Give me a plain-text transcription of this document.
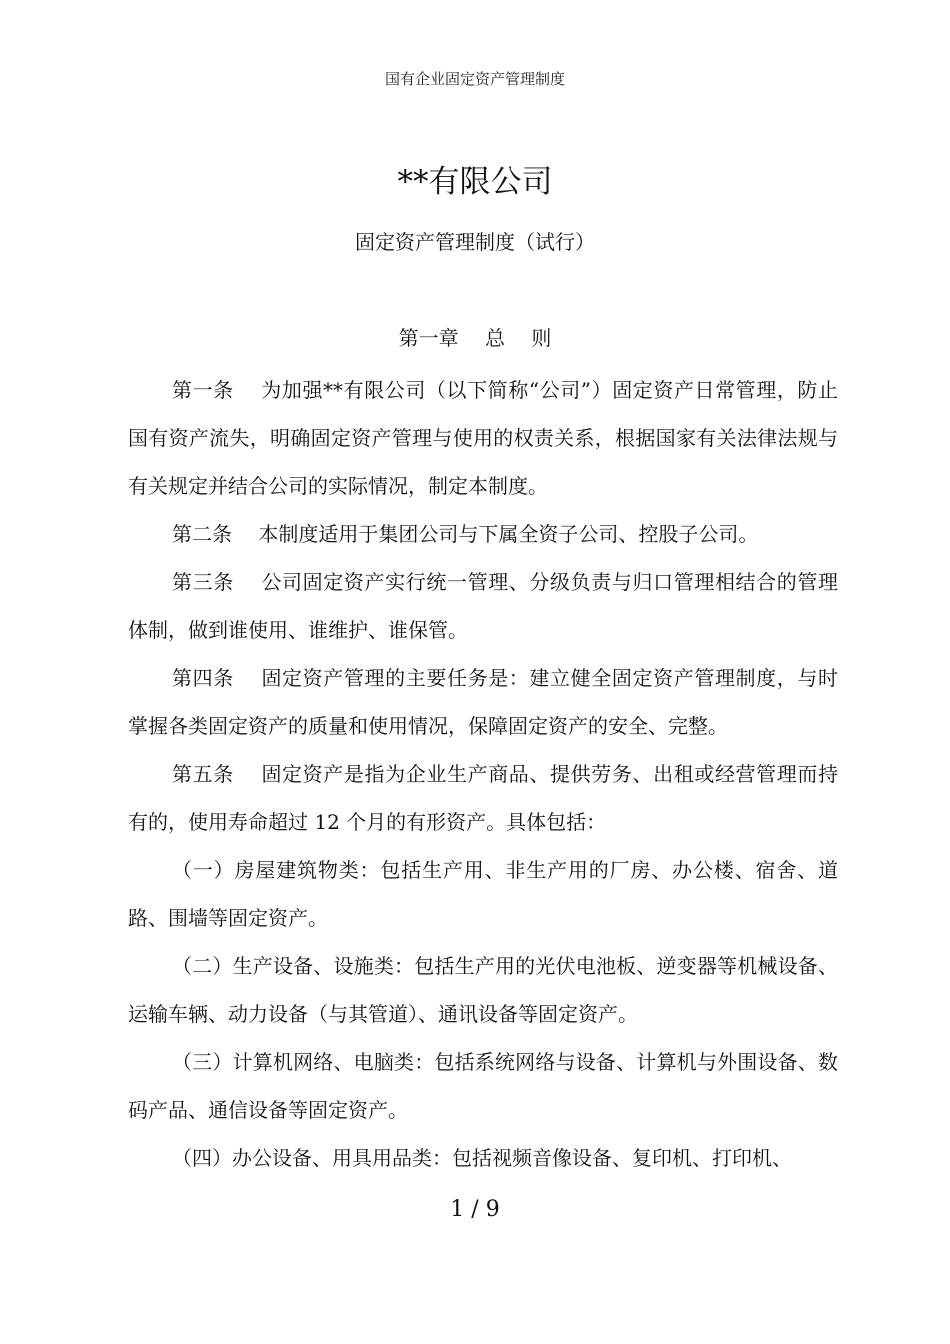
国有企业固定资产管理制度
**有限公司
固定资产管理制度（试行）
第一章　 总　 则

第一条　 为加强**有限公司（以下简称“公司”）固定资产日常管理，防止国有资产流失，明确固定资产管理与使用的权责关系，根据国家有关法律法规与有关规定并结合公司的实际情况，制定本制度。

第二条　 本制度适用于集团公司与下属全资子公司、控股子公司。

第三条　 公司固定资产实行统一管理、分级负责与归口管理相结合的管理体制，做到谁使用、谁维护、谁保管。

第四条　 固定资产管理的主要任务是：建立健全固定资产管理制度，与时掌握各类固定资产的质量和使用情况，保障固定资产的安全、完整。

第五条　 固定资产是指为企业生产商品、提供劳务、出租或经营管理而持有的，使用寿命超过 12 个月的有形资产。具体包括：

（一）房屋建筑物类：包括生产用、非生产用的厂房、办公楼、宿舍、道路、围墙等固定资产。

（二）生产设备、设施类：包括生产用的光伏电池板、逆变器等机械设备、运输车辆、动力设备（与其管道）、通讯设备等固定资产。

（三）计算机网络、电脑类：包括系统网络与设备、计算机与外围设备、数码产品、通信设备等固定资产。

（四）办公设备、用具用品类：包括视频音像设备、复印机、打印机、

1 / 9
